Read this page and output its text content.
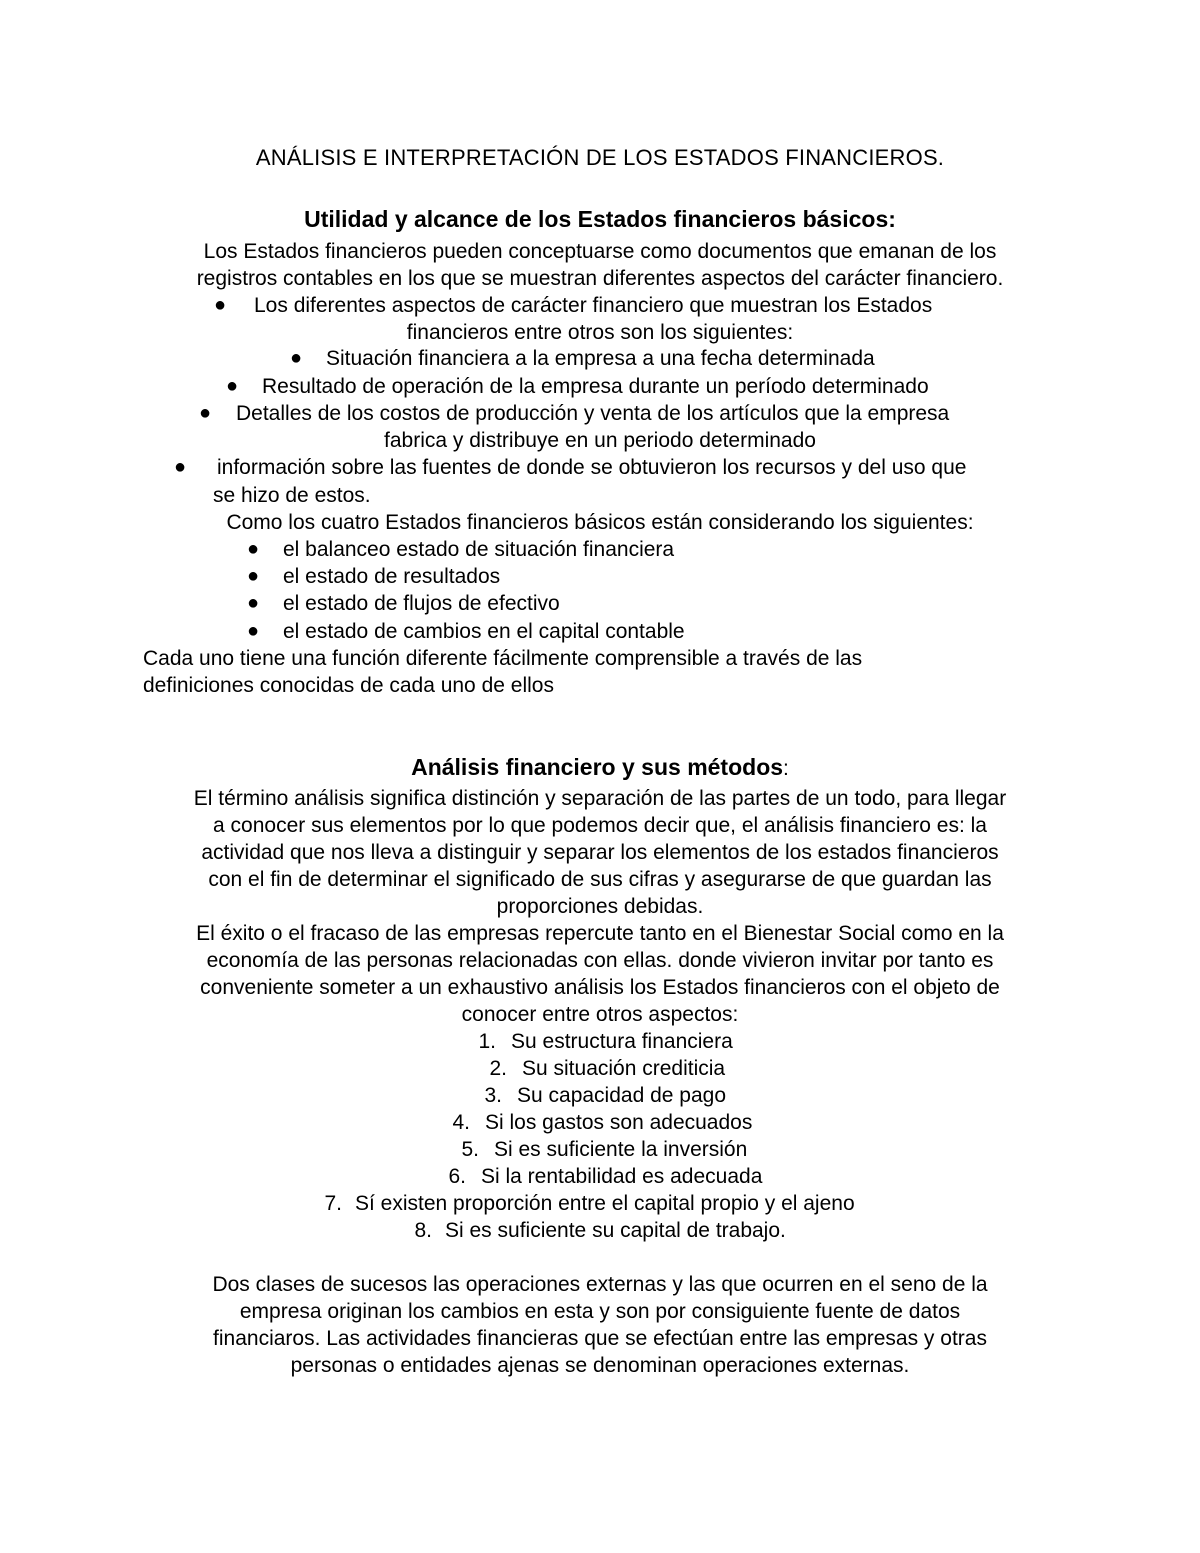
ANÁLISIS E INTERPRETACIÓN DE LOS ESTADOS FINANCIEROS.
Utilidad y alcance de los Estados financieros básicos:
Los Estados financieros pueden conceptuarse como documentos que emanan de los
registros contables en los que se muestran diferentes aspectos del carácter financiero.
● Los diferentes aspectos de carácter financiero que muestran los Estados
financieros entre otros son los siguientes:
● Situación financiera a la empresa a una fecha determinada
● Resultado de operación de la empresa durante un período determinado
● Detalles de los costos de producción y venta de los artículos que la empresa
fabrica y distribuye en un periodo determinado
● información sobre las fuentes de donde se obtuvieron los recursos y del uso que
se hizo de estos.
Como los cuatro Estados financieros básicos están considerando los siguientes:
● el balanceo estado de situación financiera
● el estado de resultados
● el estado de flujos de efectivo
● el estado de cambios en el capital contable
Cada uno tiene una función diferente fácilmente comprensible a través de las
definiciones conocidas de cada uno de ellos
Análisis financiero y sus métodos:
El término análisis significa distinción y separación de las partes de un todo, para llegar
a conocer sus elementos por lo que podemos decir que, el análisis financiero es: la
actividad que nos lleva a distinguir y separar los elementos de los estados financieros
con el fin de determinar el significado de sus cifras y asegurarse de que guardan las
proporciones debidas.
El éxito o el fracaso de las empresas repercute tanto en el Bienestar Social como en la
economía de las personas relacionadas con ellas. donde vivieron invitar por tanto es
conveniente someter a un exhaustivo análisis los Estados financieros con el objeto de
conocer entre otros aspectos:
1. Su estructura financiera
2. Su situación crediticia
3. Su capacidad de pago
4. Si los gastos son adecuados
5. Si es suficiente la inversión
6. Si la rentabilidad es adecuada
7. Sí existen proporción entre el capital propio y el ajeno
8. Si es suficiente su capital de trabajo.
Dos clases de sucesos las operaciones externas y las que ocurren en el seno de la
empresa originan los cambios en esta y son por consiguiente fuente de datos
financiaros. Las actividades financieras que se efectúan entre las empresas y otras
personas o entidades ajenas se denominan operaciones externas.
